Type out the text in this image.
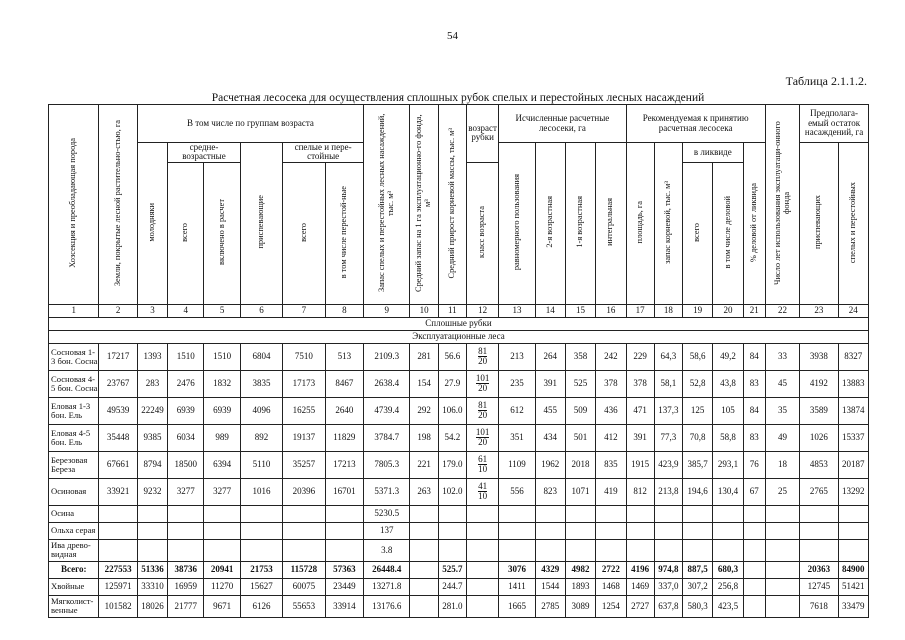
54
Таблица 2.1.1.2.
Расчетная лесосека для осуществления сплошных рубок спелых и перестойных лесных насаждений
Хозсекция и преобладающая порода	Земли, покрытые лесной растительно-стью, га	В том числе по группам возраста						Запас спелых и перестойных лесных насаждений, тыс. м³	Средний запас на 1 га эксплуатационно-го фонда, м³	Средний прирост корневой массы, тыс. м³	возраст рубки	Исчисленные расчетные лесосеки, га				Рекомендуемая к принятию расчетная лесосека					Число лет использования эксплуатаци-онного фонда	Предполага-емый остаток насаждений, га	
		молодняки	средне-возрастные		приспевающие	спелые и пере-стойные						равномерного пользования	2-я возрастная	1-я возрастная	интегральная	площадь, га	запас корневой, тыс. м³	в ликвиде		% деловой от ликвида		приспевающих	спелых и перестойных
			всего	включено в расчет		всего	в том числе перестой-ные				класс возраста							всего	в том числе деловой				

1	2	3	4	5	6	7	8	9	10	11	12	13	14	15	16	17	18	19	20	21	22	23	24
Сплошные рубки																							
Эксплуатационные леса																							
Сосновая 1-3 бон. Сосна	17217	1393	1510	1510	6804	7510	513	2109.3	281	56.6	$\frac{81}{20}$	213	264	358	242	229	64,3	58,6	49,2	84	33	3938	8327
Сосновая 4-5 бон. Сосна	23767	283	2476	1832	3835	17173	8467	2638.4	154	27.9	$\frac{101}{20}$	235	391	525	378	378	58,1	52,8	43,8	83	45	4192	13883
Еловая 1-3 бон. Ель	49539	22249	6939	6939	4096	16255	2640	4739.4	292	106.0	$\frac{81}{20}$	612	455	509	436	471	137,3	125	105	84	35	3589	13874
Еловая 4-5 бон. Ель	35448	9385	6034	989	892	19137	11829	3784.7	198	54.2	$\frac{101}{20}$	351	434	501	412	391	77,3	70,8	58,8	83	49	1026	15337
Березовая Береза	67661	8794	18500	6394	5110	35257	17213	7805.3	221	179.0	$\frac{61}{10}$	1109	1962	2018	835	1915	423,9	385,7	293,1	76	18	4853	20187
Осиновая	33921	9232	3277	3277	1016	20396	16701	5371.3	263	102.0	$\frac{41}{10}$	556	823	1071	419	812	213,8	194,6	130,4	67	25	2765	13292
Осина								5230.5															
Ольха серая								137															
Ива древо-видная								3.8															
Всего:	227553	51336	38736	20941	21753	115728	57363	26448.4		525.7		3076	4329	4982	2722	4196	974,8	887,5	680,3			20363	84900
Хвойные	125971	33310	16959	11270	15627	60075	23449	13271.8		244.7		1411	1544	1893	1468	1469	337,0	307,2	256,8			12745	51421
Мягколист-венные	101582	18026	21777	9671	6126	55653	33914	13176.6		281.0		1665	2785	3089	1254	2727	637,8	580,3	423,5			7618	33479
